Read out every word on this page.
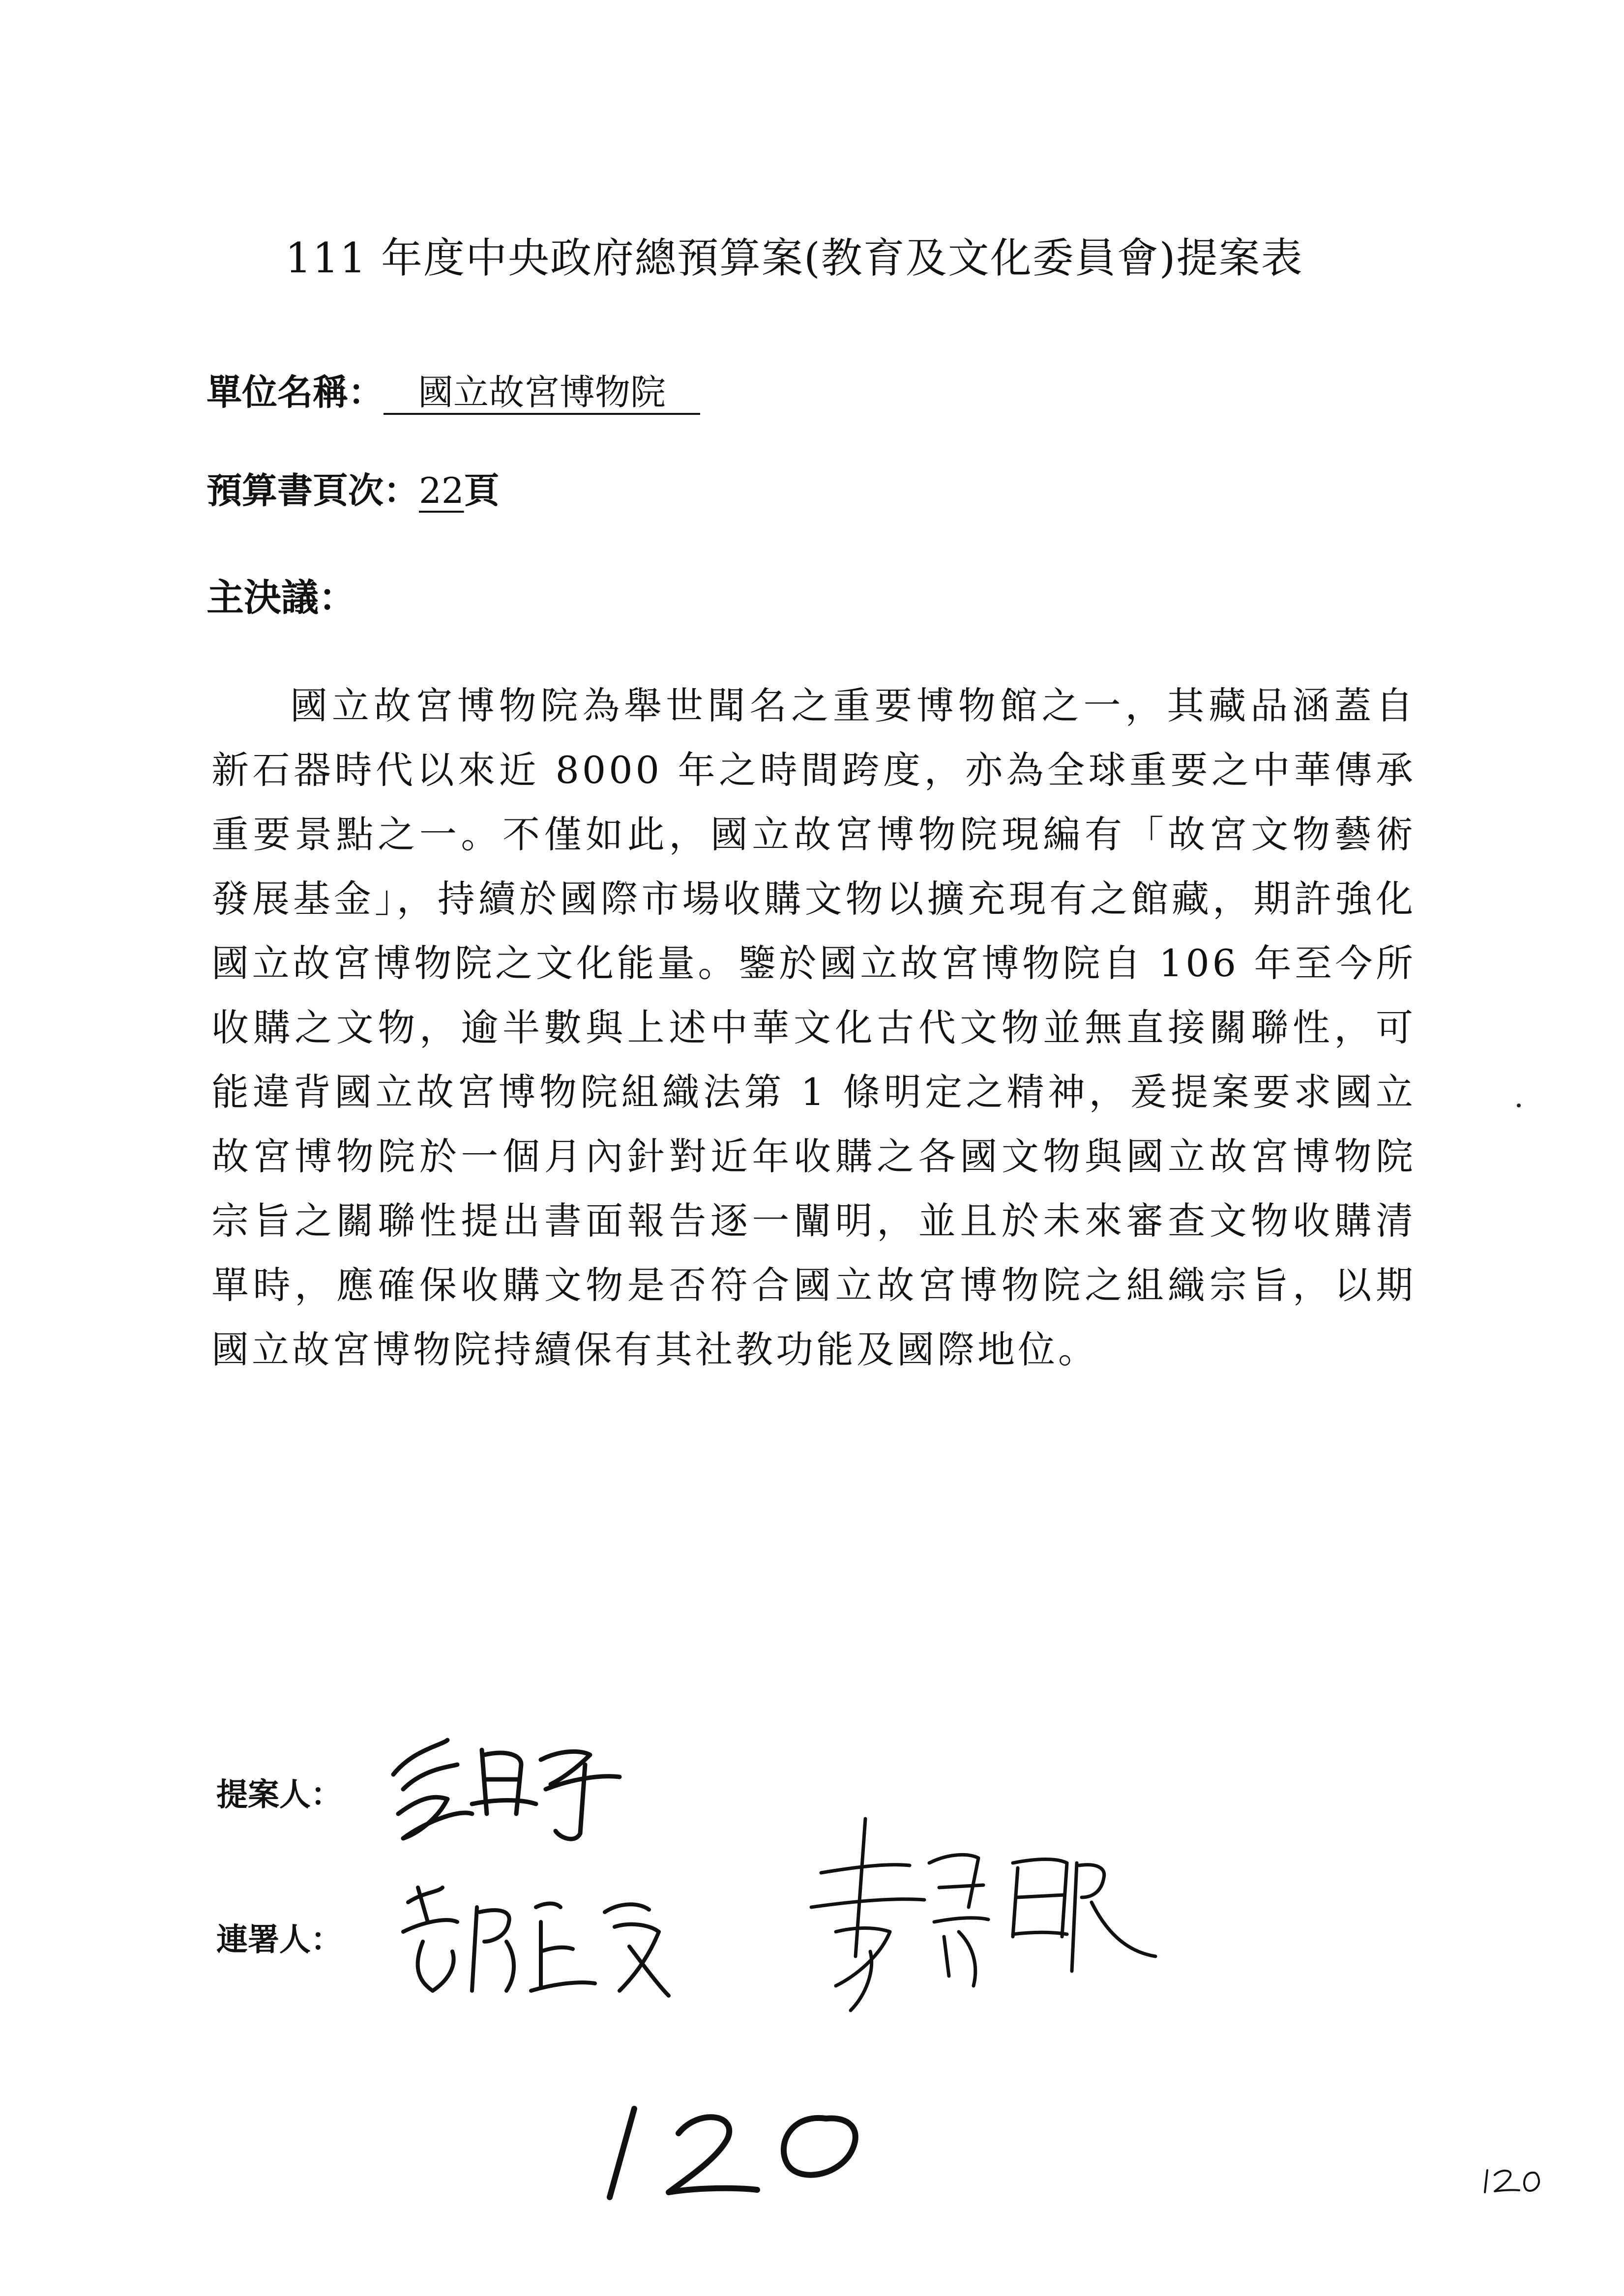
111 年度中央政府總預算案(教育及文化委員會)提案表
單位名稱： 國立故宮博物院
預算書頁次：22頁
主決議：
國立故宮博物院為舉世聞名之重要博物館之一，其藏品涵蓋自新石器時代以來近 8000 年之時間跨度，亦為全球重要之中華傳承重要景點之一。不僅如此，國立故宮博物院現編有「故宮文物藝術發展基金」，持續於國際市場收購文物以擴充現有之館藏，期許強化國立故宮博物院之文化能量。鑒於國立故宮博物院自 106 年至今所收購之文物，逾半數與上述中華文化古代文物並無直接關聯性，可能違背國立故宮博物院組織法第 1 條明定之精神，爰提案要求國立故宮博物院於一個月內針對近年收購之各國文物與國立故宮博物院宗旨之關聯性提出書面報告逐一闡明，並且於未來審查文物收購清單時，應確保收購文物是否符合國立故宮博物院之組織宗旨，以期國立故宮博物院持續保有其社教功能及國際地位。
提案人：
連署人：
